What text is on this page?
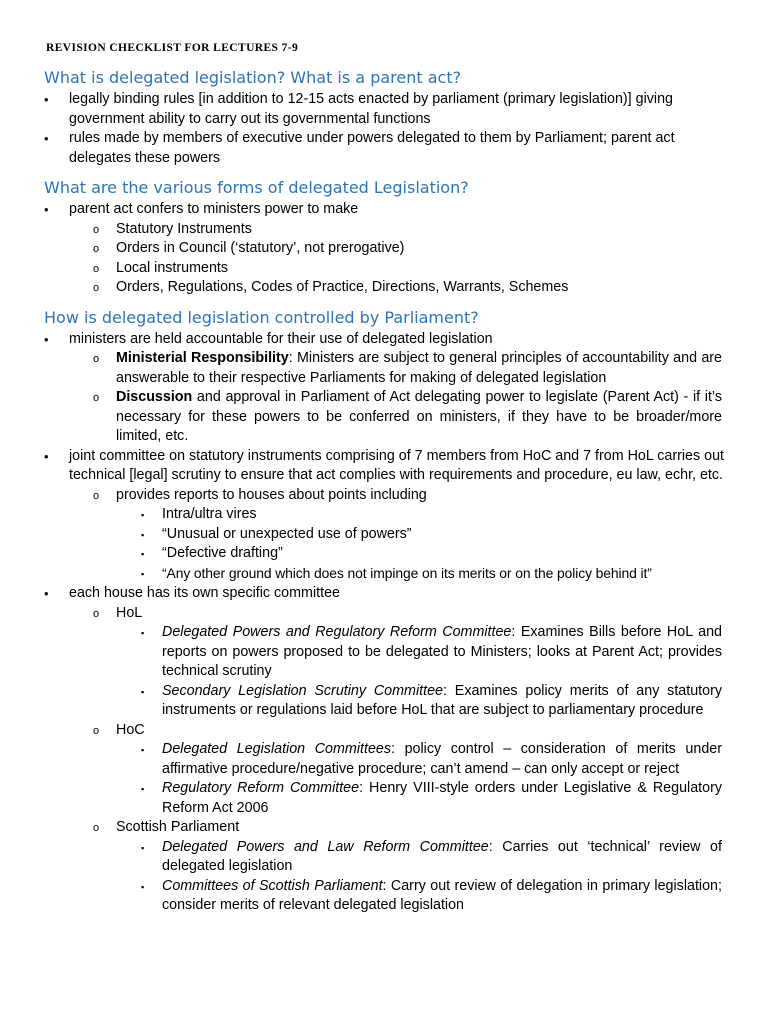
REVISION CHECKLIST FOR LECTURES 7-9
What is delegated legislation? What is a parent act?
• legally binding rules [in addition to 12-15 acts enacted by parliament (primary legislation)] giving government ability to carry out its governmental functions
• rules made by members of executive under powers delegated to them by Parliament; parent act delegates these powers
What are the various forms of delegated Legislation?
• parent act confers to ministers power to make
o Statutory Instruments
o Orders in Council (‘statutory’, not prerogative)
o Local instruments
o Orders, Regulations, Codes of Practice, Directions, Warrants, Schemes
How is delegated legislation controlled by Parliament?
• ministers are held accountable for their use of delegated legislation
o Ministerial Responsibility: Ministers are subject to general principles of accountability and are answerable to their respective Parliaments for making of delegated legislation
o Discussion and approval in Parliament of Act delegating power to legislate (Parent Act) - if it’s necessary for these powers to be conferred on ministers, if they have to be broader/more limited, etc.
• joint committee on statutory instruments comprising of 7 members from HoC and 7 from HoL carries out technical [legal] scrutiny to ensure that act complies with requirements and procedure, eu law, echr, etc.
o provides reports to houses about points including
▪ Intra/ultra vires
▪ “Unusual or unexpected use of powers”
▪ “Defective drafting”
▪ “Any other ground which does not impinge on its merits or on the policy behind it”
• each house has its own specific committee
o HoL
▪ Delegated Powers and Regulatory Reform Committee: Examines Bills before HoL and reports on powers proposed to be delegated to Ministers; looks at Parent Act; provides technical scrutiny
▪ Secondary Legislation Scrutiny Committee: Examines policy merits of any statutory instruments or regulations laid before HoL that are subject to parliamentary procedure
o HoC
▪ Delegated Legislation Committees: policy control – consideration of merits under affirmative procedure/negative procedure; can’t amend – can only accept or reject
▪ Regulatory Reform Committee: Henry VIII-style orders under Legislative & Regulatory Reform Act 2006
o Scottish Parliament
▪ Delegated Powers and Law Reform Committee: Carries out ‘technical’ review of delegated legislation
▪ Committees of Scottish Parliament: Carry out review of delegation in primary legislation; consider merits of relevant delegated legislation
